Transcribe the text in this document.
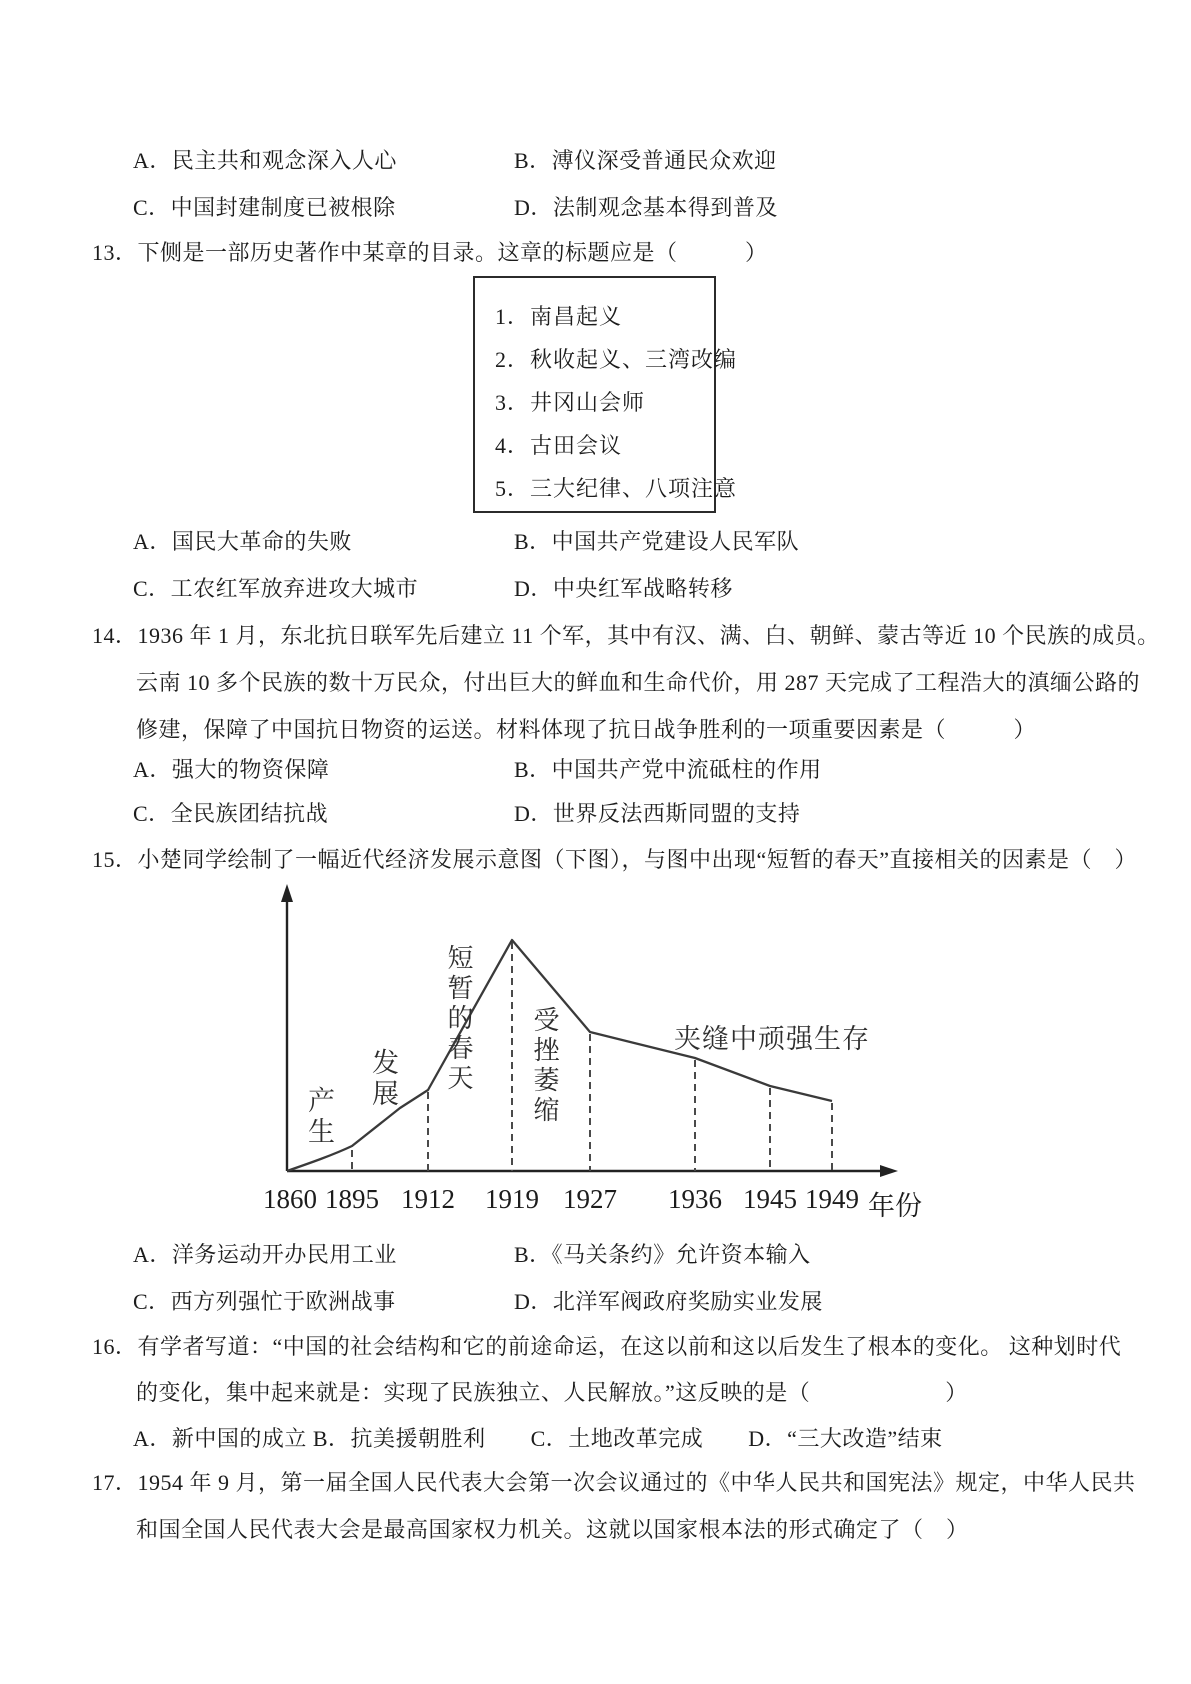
A．民主共和观念深入人心	B．溥仪深受普通民众欢迎
C．中国封建制度已被根除	D．法制观念基本得到普及
13．下侧是一部历史著作中某章的目录。这章的标题应是（　　　）
1．南昌起义
2．秋收起义、三湾改编
3．井冈山会师
4．古田会议
5．三大纪律、八项注意
A．国民大革命的失败	B．中国共产党建设人民军队
C．工农红军放弃进攻大城市	D．中央红军战略转移
14．1936 年 1 月，东北抗日联军先后建立 11 个军，其中有汉、满、白、朝鲜、蒙古等近 10 个民族的成员。
云南 10 多个民族的数十万民众，付出巨大的鲜血和生命代价，用 287 天完成了工程浩大的滇缅公路的
修建，保障了中国抗日物资的运送。材料体现了抗日战争胜利的一项重要因素是（　　　）
A．强大的物资保障	B．中国共产党中流砥柱的作用
C．全民族团结抗战	D．世界反法西斯同盟的支持
15．小楚同学绘制了一幅近代经济发展示意图（下图），与图中出现“短暂的春天”直接相关的因素是（　）
1860 1895 1912	1919 1927	1936 1945 1949 年份
产生
发展 短暂的春天 受挫萎缩	夹缝中顽强生存
A．洋务运动开办民用工业	B．《马关条约》允许资本输入
C．西方列强忙于欧洲战事	D．北洋军阀政府奖励实业发展
16．有学者写道：“中国的社会结构和它的前途命运，在这以前和这以后发生了根本的变化。 这种划时代
的变化，集中起来就是：实现了民族独立、人民解放。”这反映的是（　　　　　　）
A．新中国的成立 B．抗美援朝胜利　　C．土地改革完成　　D．“三大改造”结束
17．1954 年 9 月，第一届全国人民代表大会第一次会议通过的《中华人民共和国宪法》规定，中华人民共
和国全国人民代表大会是最高国家权力机关。这就以国家根本法的形式确定了（　）
